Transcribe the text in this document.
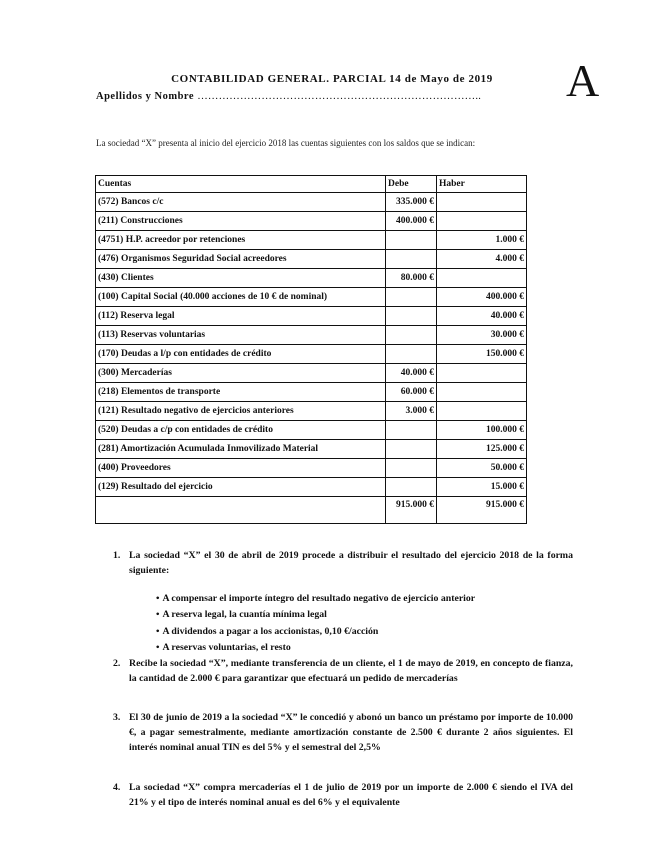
CONTABILIDAD GENERAL. PARCIAL 14 de Mayo de 2019
Apellidos y Nombre …………………………………………………………………….. A
La sociedad “X” presenta al inicio del ejercicio 2018 las cuentas siguientes con los saldos que se indican:
Cuentas	Debe	Haber
(572) Bancos c/c	335.000 €	
(211) Construcciones	400.000 €	
(4751) H.P. acreedor por retenciones		1.000 €
(476) Organismos Seguridad Social acreedores		4.000 €
(430) Clientes	80.000 €	
(100) Capital Social (40.000 acciones de 10 € de nominal)		400.000 €
(112) Reserva legal		40.000 €
(113) Reservas voluntarias		30.000 €
(170) Deudas a l/p con entidades de crédito		150.000 €
(300) Mercaderías	40.000 €	
(218) Elementos de transporte	60.000 €	
(121) Resultado negativo de ejercicios anteriores	3.000 €	
(520) Deudas a c/p con entidades de crédito		100.000 €
(281) Amortización Acumulada Inmovilizado Material		125.000 €
(400) Proveedores		50.000 €
(129) Resultado del ejercicio		15.000 €
	915.000 €	915.000 €
1. La sociedad “X” el 30 de abril de 2019 procede a distribuir el resultado del ejercicio 2018 de la forma siguiente:
• A compensar el importe íntegro del resultado negativo de ejercicio anterior
• A reserva legal, la cuantía mínima legal
• A dividendos a pagar a los accionistas, 0,10 €/acción
• A reservas voluntarias, el resto
2. Recibe la sociedad “X”, mediante transferencia de un cliente, el 1 de mayo de 2019, en concepto de fianza, la cantidad de 2.000 € para garantizar que efectuará un pedido de mercaderías
3. El 30 de junio de 2019 a la sociedad “X” le concedió y abonó un banco un préstamo por importe de 10.000 €, a pagar semestralmente, mediante amortización constante de 2.500 € durante 2 años siguientes. El interés nominal anual TIN es del 5% y el semestral del 2,5%
4. La sociedad “X” compra mercaderías el 1 de julio de 2019 por un importe de 2.000 € siendo el IVA del 21% y el tipo de interés nominal anual es del 6% y el equivalente
